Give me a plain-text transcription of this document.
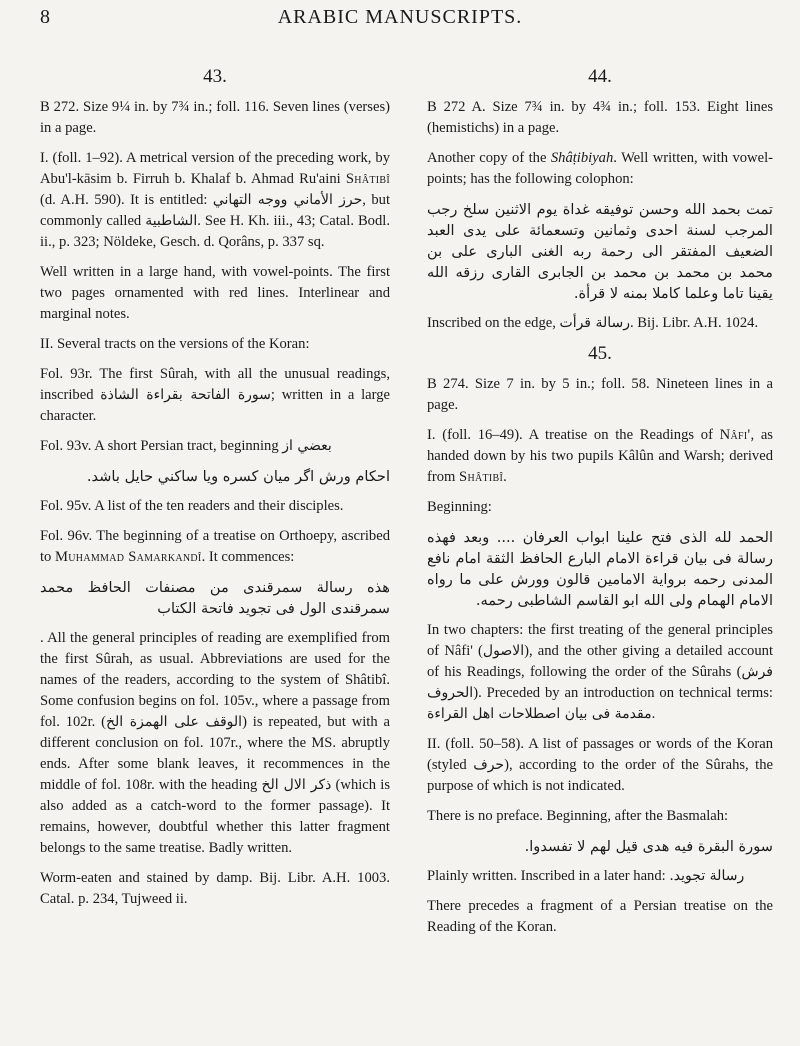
8	ARABIC MANUSCRIPTS.
43.

B 272. Size 9¼ in. by 7¾ in.; foll. 116. Seven lines (verses) in a page.

I. (foll. 1–92). A metrical version of the preceding work, by Abu'l-kāsim b. Firruh b. Khalaf b. Ahmad Ru'aini Shâtibî (d. A.H. 590). It is entitled: حرز الأماني ووجه التهاني, but commonly called الشاطبية. See H. Kh. iii., 43; Catal. Bodl. ii., p. 323; Nöldeke, Gesch. d. Qorâns, p. 337 sq.

Well written in a large hand, with vowel-points. The first two pages ornamented with red lines. Interlinear and marginal notes.

II. Several tracts on the versions of the Koran:

Fol. 93r. The first Sûrah, with all the unusual readings, inscribed سورة الفاتحة بقراءة الشاذة; written in a large character.

Fol. 93v. A short Persian tract, beginning بعضي از

احكام ورش اگر ميان كسره ويا ساكني حايل باشد.

Fol. 95v. A list of the ten readers and their disciples.

Fol. 96v. The beginning of a treatise on Orthoepy, ascribed to Muhammad Samarkandî. It commences:

هذه رسالة سمرقندى من مصنفات الحافظ محمد سمرقندى الول فى تجويد فاتحة الكتاب

. All the general principles of reading are exemplified from the first Sûrah, as usual. Abbreviations are used for the names of the readers, according to the system of Shâtibî. Some confusion begins on fol. 105v., where a passage from fol. 102r. (الوقف على الهمزة الخ) is repeated, but with a different conclusion on fol. 107r., where the MS. abruptly ends. After some blank leaves, it recommences in the middle of fol. 108r. with the heading ذكر الال الخ (which is also added as a catch-word to the former passage). It remains, however, doubtful whether this latter fragment belongs to the same treatise. Badly written.

Worm-eaten and stained by damp. Bij. Libr. A.H. 1003. Catal. p. 234, Tujweed ii.

44.

B 272 A. Size 7¾ in. by 4¾ in.; foll. 153. Eight lines (hemistichs) in a page.

Another copy of the Shâṭibiyah. Well written, with vowel-points; has the following colophon:

تمت بحمد الله وحسن توفيقه غداة يوم الاثنين سلخ رجب المرجب لسنة احدى وثمانين وتسعمائة على يدى العبد الضعيف المفتقر الى رحمة ربه الغنى البارى على بن محمد بن محمد بن محمد بن الجابرى القارى رزقه الله يقينا تاما وعلما كاملا بمنه لا قرأة.

Inscribed on the edge, رسالة قرأت. Bij. Libr. A.H. 1024.

45.

B 274. Size 7 in. by 5 in.; foll. 58. Nineteen lines in a page.

I. (foll. 16–49). A treatise on the Readings of Nâfi', as handed down by his two pupils Kâlûn and Warsh; derived from Shâtibî.

Beginning:

الحمد لله الذى فتح علينا ابواب العرفان .... وبعد فهذه رسالة فى بيان قراءة الامام البارع الحافظ الثقة امام نافع المدنى رحمه برواية الامامين قالون وورش على ما رواه الامام الهمام ولى الله ابو القاسم الشاطبى رحمه.

In two chapters: the first treating of the general principles of Nâfi' (الاصول), and the other giving a detailed account of his Readings, following the order of the Sûrahs (فرش الحروف). Preceded by an introduction on technical terms: مقدمة فى بيان اصطلاحات اهل القراءة.

II. (foll. 50–58). A list of passages or words of the Koran (styled حرف), according to the order of the Sûrahs, the purpose of which is not indicated.

There is no preface. Beginning, after the Basmalah:

سورة البقرة فيه هدى قيل لهم لا تفسدوا.

Plainly written. Inscribed in a later hand: رسالة تجويد.

There precedes a fragment of a Persian treatise on the Reading of the Koran.
